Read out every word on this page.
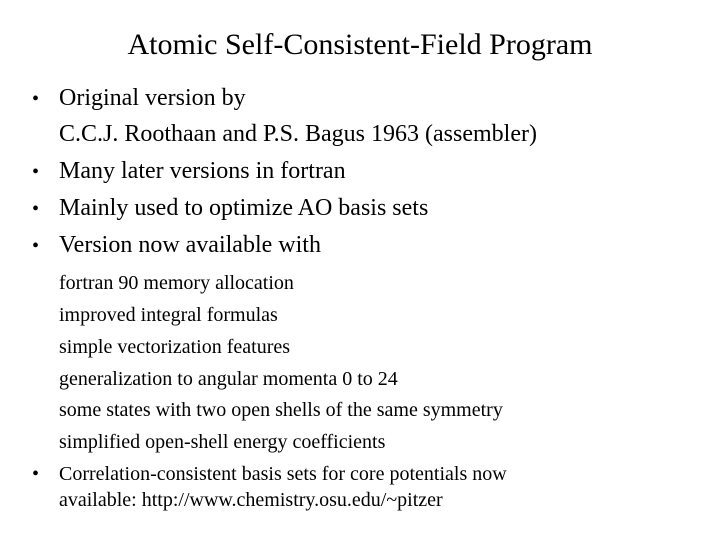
Atomic Self-Consistent-Field Program
• Original version by
C.C.J. Roothaan and P.S. Bagus 1963 (assembler)
• Many later versions in fortran
• Mainly used to optimize AO basis sets
• Version now available with
fortran 90 memory allocation
improved integral formulas
simple vectorization features
generalization to angular momenta 0 to 24
some states with two open shells of the same symmetry
simplified open-shell energy coefficients
• Correlation-consistent basis sets for core potentials now
available: http://www.chemistry.osu.edu/~pitzer
